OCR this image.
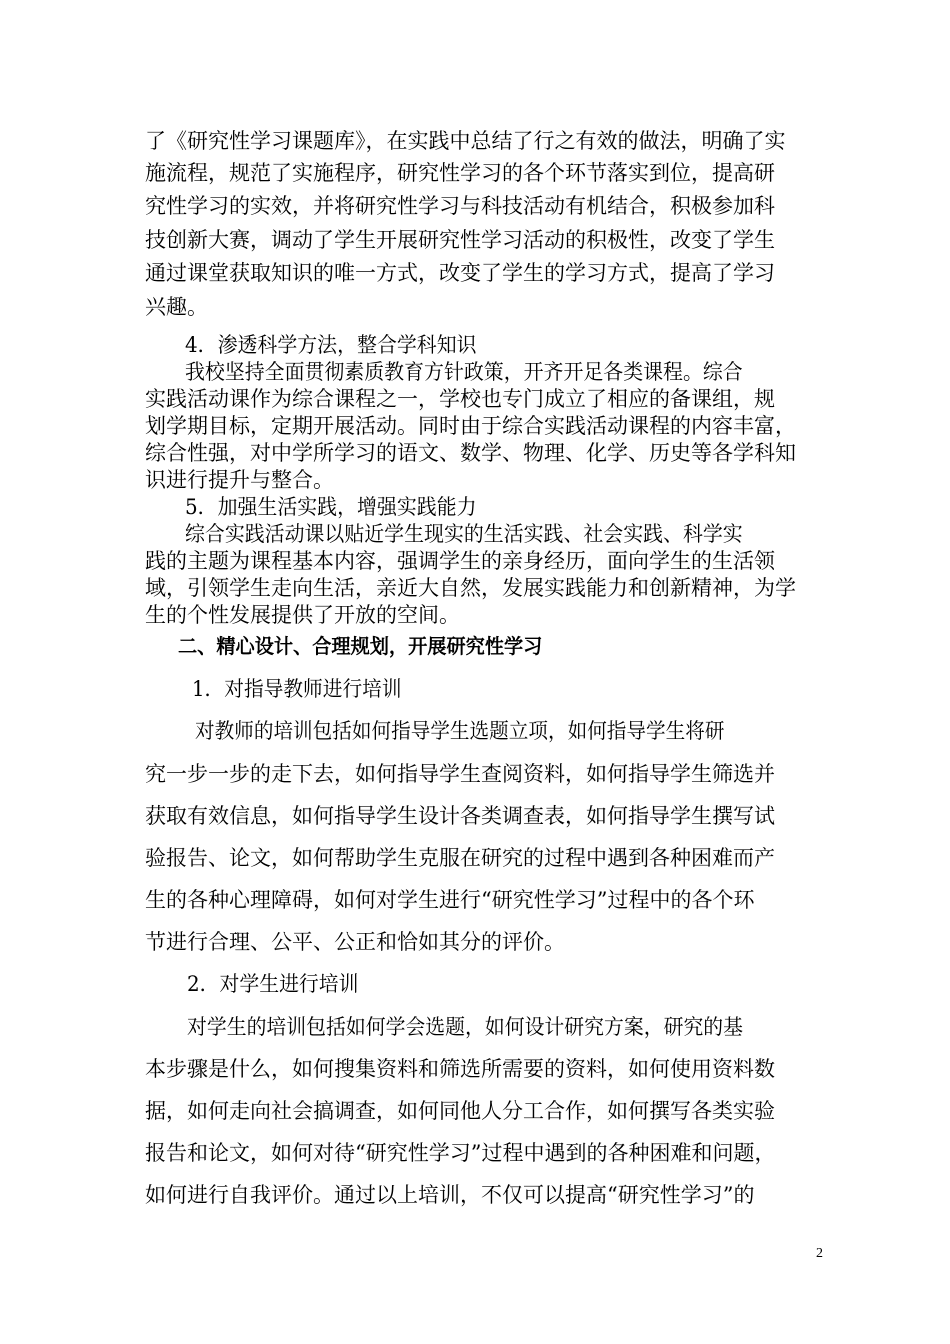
了《研究性学习课题库》，在实践中总结了行之有效的做法，明确了实
施流程，规范了实施程序，研究性学习的各个环节落实到位，提高研
究性学习的实效，并将研究性学习与科技活动有机结合，积极参加科
技创新大赛，调动了学生开展研究性学习活动的积极性，改变了学生
通过课堂获取知识的唯一方式，改变了学生的学习方式，提高了学习
兴趣。
4．渗透科学方法，整合学科知识
我校坚持全面贯彻素质教育方针政策，开齐开足各类课程。综合
实践活动课作为综合课程之一，学校也专门成立了相应的备课组，规
划学期目标，定期开展活动。同时由于综合实践活动课程的内容丰富，
综合性强，对中学所学习的语文、数学、物理、化学、历史等各学科知
识进行提升与整合。
5．加强生活实践，增强实践能力
综合实践活动课以贴近学生现实的生活实践、社会实践、科学实
践的主题为课程基本内容，强调学生的亲身经历，面向学生的生活领
域，引领学生走向生活，亲近大自然，发展实践能力和创新精神，为学
生的个性发展提供了开放的空间。
二、精心设计、合理规划，开展研究性学习
1．对指导教师进行培训
对教师的培训包括如何指导学生选题立项，如何指导学生将研
究一步一步的走下去，如何指导学生查阅资料，如何指导学生筛选并
获取有效信息，如何指导学生设计各类调查表，如何指导学生撰写试
验报告、论文，如何帮助学生克服在研究的过程中遇到各种困难而产
生的各种心理障碍，如何对学生进行“研究性学习”过程中的各个环
节进行合理、公平、公正和恰如其分的评价。
2．对学生进行培训
对学生的培训包括如何学会选题，如何设计研究方案，研究的基
本步骤是什么，如何搜集资料和筛选所需要的资料，如何使用资料数
据，如何走向社会搞调查，如何同他人分工合作，如何撰写各类实验
报告和论文，如何对待“研究性学习”过程中遇到的各种困难和问题，
如何进行自我评价。通过以上培训，不仅可以提高“研究性学习”的
2
